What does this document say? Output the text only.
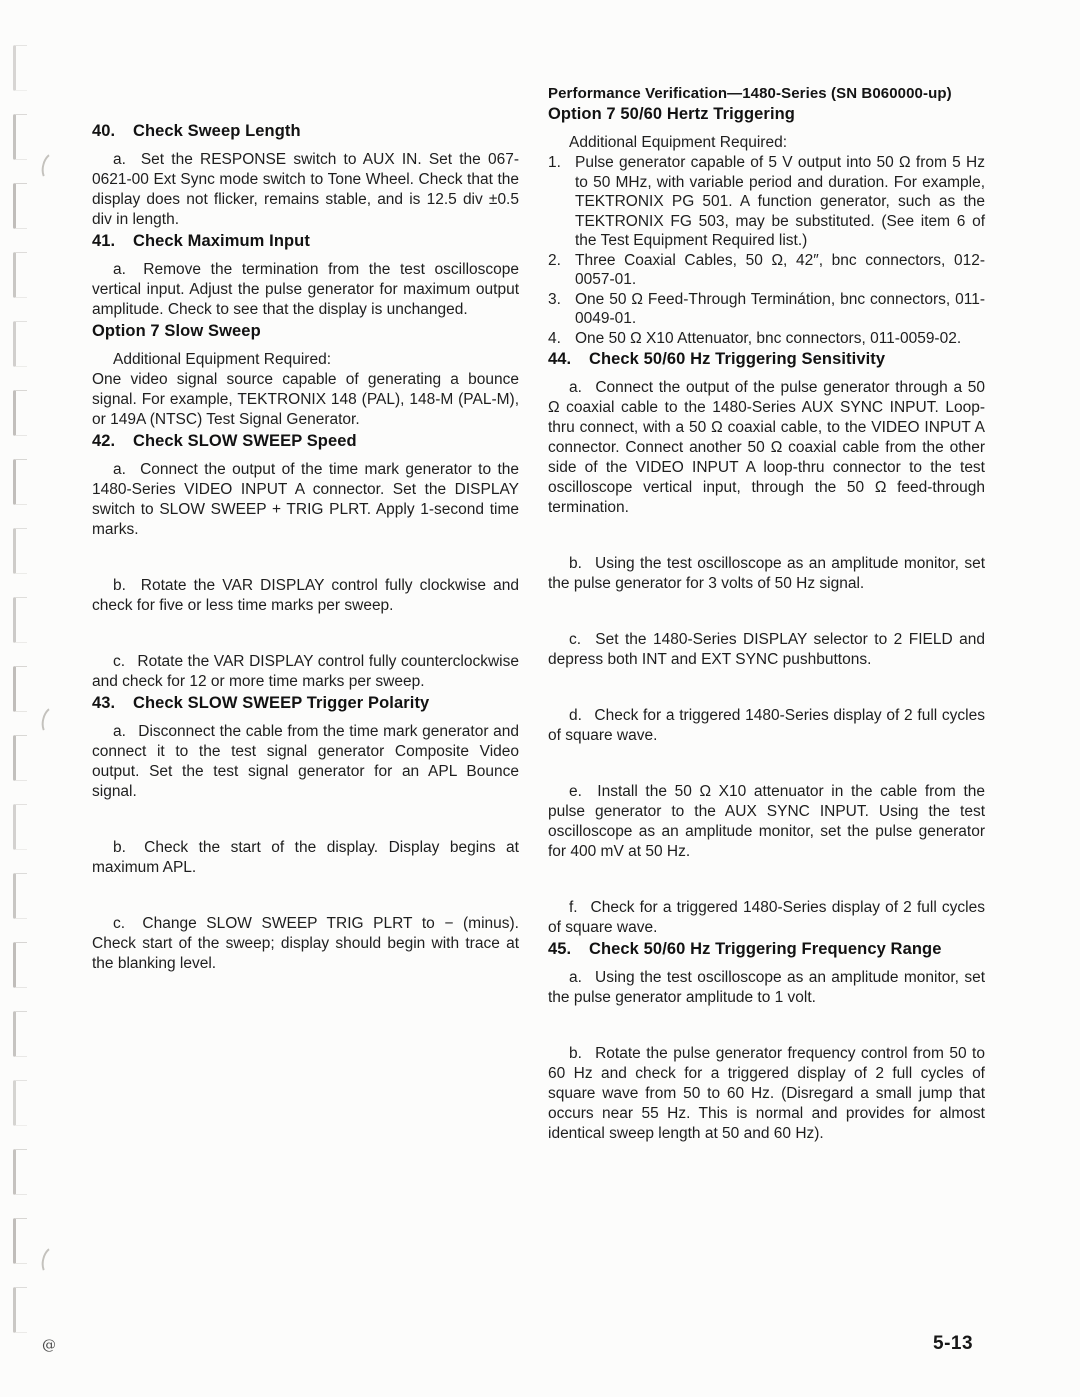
40. Check Sweep Length

a.  Set the RESPONSE switch to AUX IN. Set the 067-0621-00 Ext Sync mode switch to Tone Wheel. Check that the display does not flicker, remains stable, and is 12.5 div ±0.5 div in length.

41. Check Maximum Input

a.  Remove the termination from the test oscilloscope vertical input. Adjust the pulse generator for maximum output amplitude. Check to see that the display is unchanged.

Option 7 Slow Sweep

Additional Equipment Required:

One video signal source capable of generating a bounce signal. For example, TEKTRONIX 148 (PAL), 148-M (PAL-M), or 149A (NTSC) Test Signal Generator.

42. Check SLOW SWEEP Speed

a.  Connect the output of the time mark generator to the 1480-Series VIDEO INPUT A connector. Set the DISPLAY switch to SLOW SWEEP + TRIG PLRT. Apply 1-second time marks.

b.  Rotate the VAR DISPLAY control fully clockwise and check for five or less time marks per sweep.

c.  Rotate the VAR DISPLAY control fully counterclockwise and check for 12 or more time marks per sweep.

43. Check SLOW SWEEP Trigger Polarity

a.  Disconnect the cable from the time mark generator and connect it to the test signal generator Composite Video output. Set the test signal generator for an APL Bounce signal.

b.  Check the start of the display. Display begins at maximum APL.

c.  Change SLOW SWEEP TRIG PLRT to − (minus). Check start of the sweep; display should begin with trace at the blanking level.

Performance Verification—1480-Series (SN B060000-up)
Option 7 50/60 Hertz Triggering

Additional Equipment Required:

1. Pulse generator capable of 5 V output into 50 Ω from 5 Hz to 50 MHz, with variable period and duration. For example, TEKTRONIX PG 501. A function generator, such as the TEKTRONIX FG 503, may be substituted. (See item 6 of the Test Equipment Required list.)
2. Three Coaxial Cables, 50 Ω, 42″, bnc connectors, 012-0057-01.
3. One 50 Ω Feed-Through Terminátion, bnc connectors, 011-0049-01.
4. One 50 Ω X10 Attenuator, bnc connectors, 011-0059-02.
44. Check 50/60 Hz Triggering Sensitivity

a.  Connect the output of the pulse generator through a 50 Ω coaxial cable to the 1480-Series AUX SYNC INPUT. Loop-thru connect, with a 50 Ω coaxial cable, to the VIDEO INPUT A connector. Connect another 50 Ω coaxial cable from the other side of the VIDEO INPUT A loop-thru connector to the test oscilloscope vertical input, through the 50 Ω feed-through termination.

b.  Using the test oscilloscope as an amplitude monitor, set the pulse generator for 3 volts of 50 Hz signal.

c.  Set the 1480-Series DISPLAY selector to 2 FIELD and depress both INT and EXT SYNC pushbuttons.

d.  Check for a triggered 1480-Series display of 2 full cycles of square wave.

e.  Install the 50 Ω X10 attenuator in the cable from the pulse generator to the AUX SYNC INPUT. Using the test oscilloscope as an amplitude monitor, set the pulse generator for 400 mV at 50 Hz.

f.  Check for a triggered 1480-Series display of 2 full cycles of square wave.

45. Check 50/60 Hz Triggering Frequency Range

a.  Using the test oscilloscope as an amplitude monitor, set the pulse generator amplitude to 1 volt.

b.  Rotate the pulse generator frequency control from 50 to 60 Hz and check for a triggered display of 2 full cycles of square wave from 50 to 60 Hz. (Disregard a small jump that occurs near 55 Hz. This is normal and provides for almost identical sweep length at 50 and 60 Hz).

@	5-13
